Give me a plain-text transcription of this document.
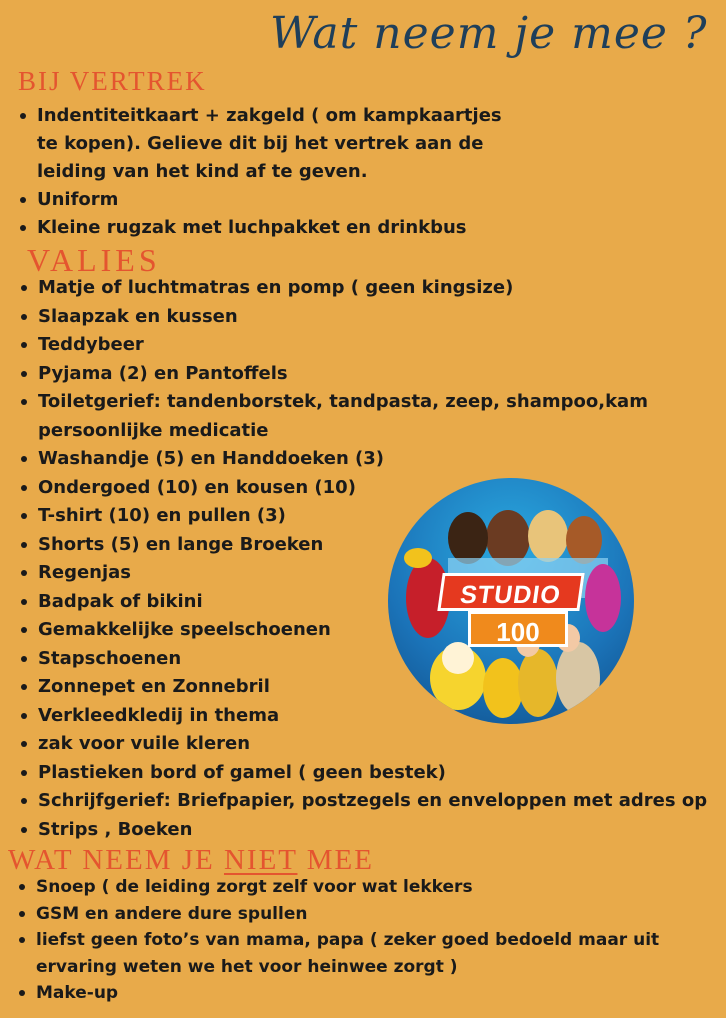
Wat neem je mee ?
BIJ VERTREK
Indentiteitkaart + zakgeld ( om kampkaartjes
te kopen). Gelieve dit bij het vertrek aan de
leiding van het kind af te geven.
Uniform
Kleine rugzak met luchpakket en drinkbus
VALIES
Matje of luchtmatras en pomp ( geen kingsize)
Slaapzak en kussen
Teddybeer
Pyjama (2) en Pantoffels
Toiletgerief: tandenborstek, tandpasta, zeep, shampoo,kam
persoonlijke medicatie
Washandje (5) en Handdoeken (3)
Ondergoed (10) en kousen (10)
T-shirt (10) en pullen (3)
Shorts (5) en lange Broeken
Regenjas
Badpak of bikini
Gemakkelijke speelschoenen
Stapschoenen
Zonnepet en Zonnebril
Verkleedkledij in thema
zak voor vuile kleren
Plastieken bord of gamel ( geen bestek)
Schrijfgerief: Briefpapier, postzegels en enveloppen met adres op
Strips , Boeken
STUDIO
100
WAT NEEM JE NIET MEE
Snoep ( de leiding zorgt zelf voor wat lekkers
GSM en andere dure spullen
liefst geen foto’s van mama, papa ( zeker goed bedoeld maar uit
ervaring weten we het voor heinwee zorgt )
Make-up
